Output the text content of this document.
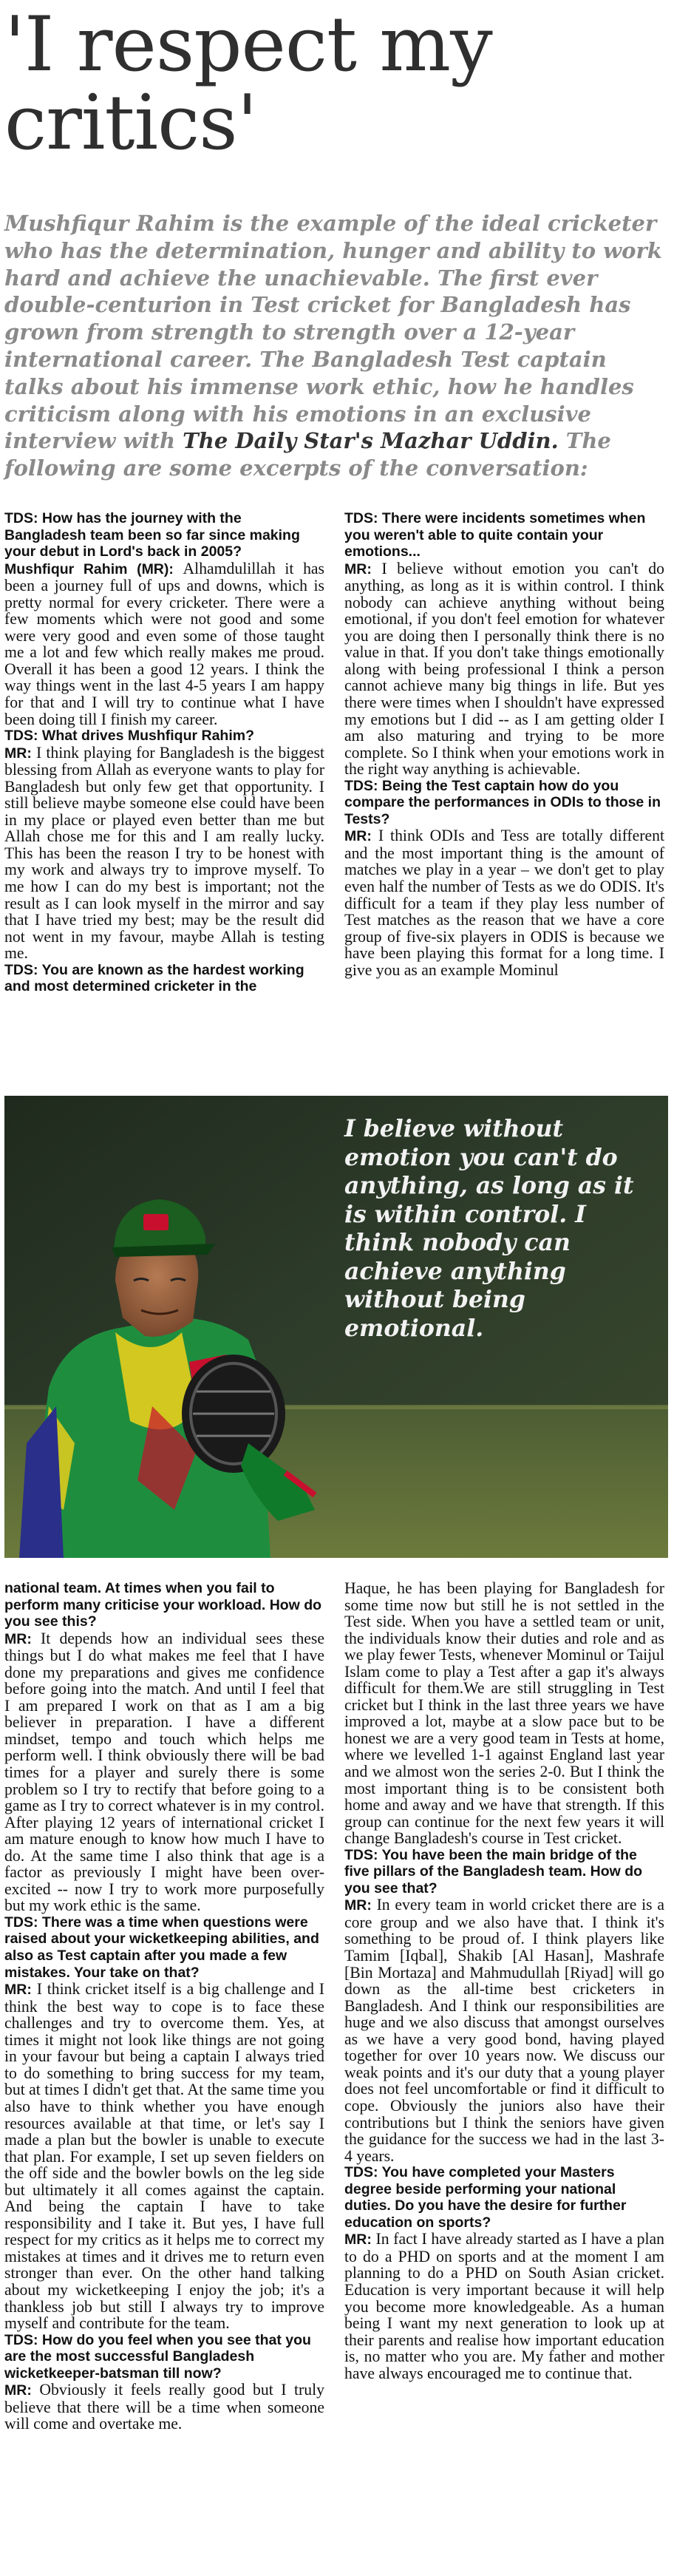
'I respect my critics'

Mushfiqur Rahim is the example of the ideal cricketer who has the determination, hunger and ability to work hard and achieve the unachievable. The first ever double-centurion in Test cricket for Bangladesh has grown from strength to strength over a 12-year international career. The Bangladesh Test captain talks about his immense work ethic, how he handles criticism along with his emotions in an exclusive interview with The Daily Star's Mazhar Uddin. The following are some excerpts of the conversation:

TDS: How has the journey with the Bangladesh team been so far since making your debut in Lord's back in 2005?

Mushfiqur Rahim (MR): Alhamdulillah it has been a journey full of ups and downs, which is pretty normal for every cricketer. There were a few moments which were not good and some were very good and even some of those taught me a lot and few which really makes me proud. Overall it has been a good 12 years. I think the way things went in the last 4-5 years I am happy for that and I will try to continue what I have been doing till I finish my career.

TDS: What drives Mushfiqur Rahim?

MR: I think playing for Bangladesh is the biggest blessing from Allah as everyone wants to play for Bangladesh but only few get that opportunity. I still believe maybe someone else could have been in my place or played even better than me but Allah chose me for this and I am really lucky. This has been the reason I try to be honest with my work and always try to improve myself. To me how I can do my best is important; not the result as I can look myself in the mirror and say that I have tried my best; may be the result did not went in my favour, maybe Allah is testing me.

TDS: You are known as the hardest working and most determined cricketer in the

TDS: There were incidents sometimes when you weren't able to quite contain your emotions...

MR: I believe without emotion you can't do anything, as long as it is within control. I think nobody can achieve anything without being emotional, if you don't feel emotion for whatever you are doing then I personally think there is no value in that. If you don't take things emotionally along with being professional I think a person cannot achieve many big things in life. But yes there were times when I shouldn't have expressed my emotions but I did -- as I am getting older I am also maturing and trying to be more complete. So I think when your emotions work in the right way anything is achievable.

TDS: Being the Test captain how do you compare the performances in ODIs to those in Tests?

MR: I think ODIs and Tess are totally different and the most important thing is the amount of matches we play in a year – we don't get to play even half the number of Tests as we do ODIS. It's difficult for a team if they play less number of Test matches as the reason that we have a core group of five-six players in ODIS is because we have been playing this format for a long time. I give you as an example Mominul

I believe without emotion you can't do anything, as long as it is within control. I think nobody can achieve anything without being emotional.

national team. At times when you fail to perform many criticise your workload. How do you see this?

MR: It depends how an individual sees these things but I do what makes me feel that I have done my preparations and gives me confidence before going into the match. And until I feel that I am prepared I work on that as I am a big believer in preparation. I have a different mindset, tempo and touch which helps me perform well. I think obviously there will be bad times for a player and surely there is some problem so I try to rectify that before going to a game as I try to correct whatever is in my control. After playing 12 years of international cricket I am mature enough to know how much I have to do. At the same time I also think that age is a factor as previously I might have been over-excited -- now I try to work more purposefully but my work ethic is the same.

TDS: There was a time when questions were raised about your wicketkeeping abilities, and also as Test captain after you made a few mistakes. Your take on that?

MR: I think cricket itself is a big challenge and I think the best way to cope is to face these challenges and try to overcome them. Yes, at times it might not look like things are not going in your favour but being a captain I always tried to do something to bring success for my team, but at times I didn't get that. At the same time you also have to think whether you have enough resources available at that time, or let's say I made a plan but the bowler is unable to execute that plan. For example, I set up seven fielders on the off side and the bowler bowls on the leg side but ultimately it all comes against the captain. And being the captain I have to take responsibility and I take it. But yes, I have full respect for my critics as it helps me to correct my mistakes at times and it drives me to return even stronger than ever. On the other hand talking about my wicketkeeping I enjoy the job; it's a thankless job but still I always try to improve myself and contribute for the team.

TDS: How do you feel when you see that you are the most successful Bangladesh wicketkeeper-batsman till now?

MR: Obviously it feels really good but I truly believe that there will be a time when someone will come and overtake me.

Haque, he has been playing for Bangladesh for some time now but still he is not settled in the Test side. When you have a settled team or unit, the individuals know their duties and role and as we play fewer Tests, whenever Mominul or Taijul Islam come to play a Test after a gap it's always difficult for them.We are still struggling in Test cricket but I think in the last three years we have improved a lot, maybe at a slow pace but to be honest we are a very good team in Tests at home, where we levelled 1-1 against England last year and we almost won the series 2-0. But I think the most important thing is to be consistent both home and away and we have that strength. If this group can continue for the next few years it will change Bangladesh's course in Test cricket.

TDS: You have been the main bridge of the five pillars of the Bangladesh team. How do you see that?

MR: In every team in world cricket there are is a core group and we also have that. I think it's something to be proud of. I think players like Tamim [Iqbal], Shakib [Al Hasan], Mashrafe [Bin Mortaza] and Mahmudullah [Riyad] will go down as the all-time best cricketers in Bangladesh. And I think our responsibilities are huge and we also discuss that amongst ourselves as we have a very good bond, having played together for over 10 years now. We discuss our weak points and it's our duty that a young player does not feel uncomfortable or find it difficult to cope. Obviously the juniors also have their contributions but I think the seniors have given the guidance for the success we had in the last 3-4 years.

TDS: You have completed your Masters degree beside performing your national duties. Do you have the desire for further education on sports?

MR: In fact I have already started as I have a plan to do a PHD on sports and at the moment I am planning to do a PHD on South Asian cricket. Education is very important because it will help you become more knowledgeable. As a human being I want my next generation to look up at their parents and realise how important education is, no matter who you are. My father and mother have always encouraged me to continue that.
